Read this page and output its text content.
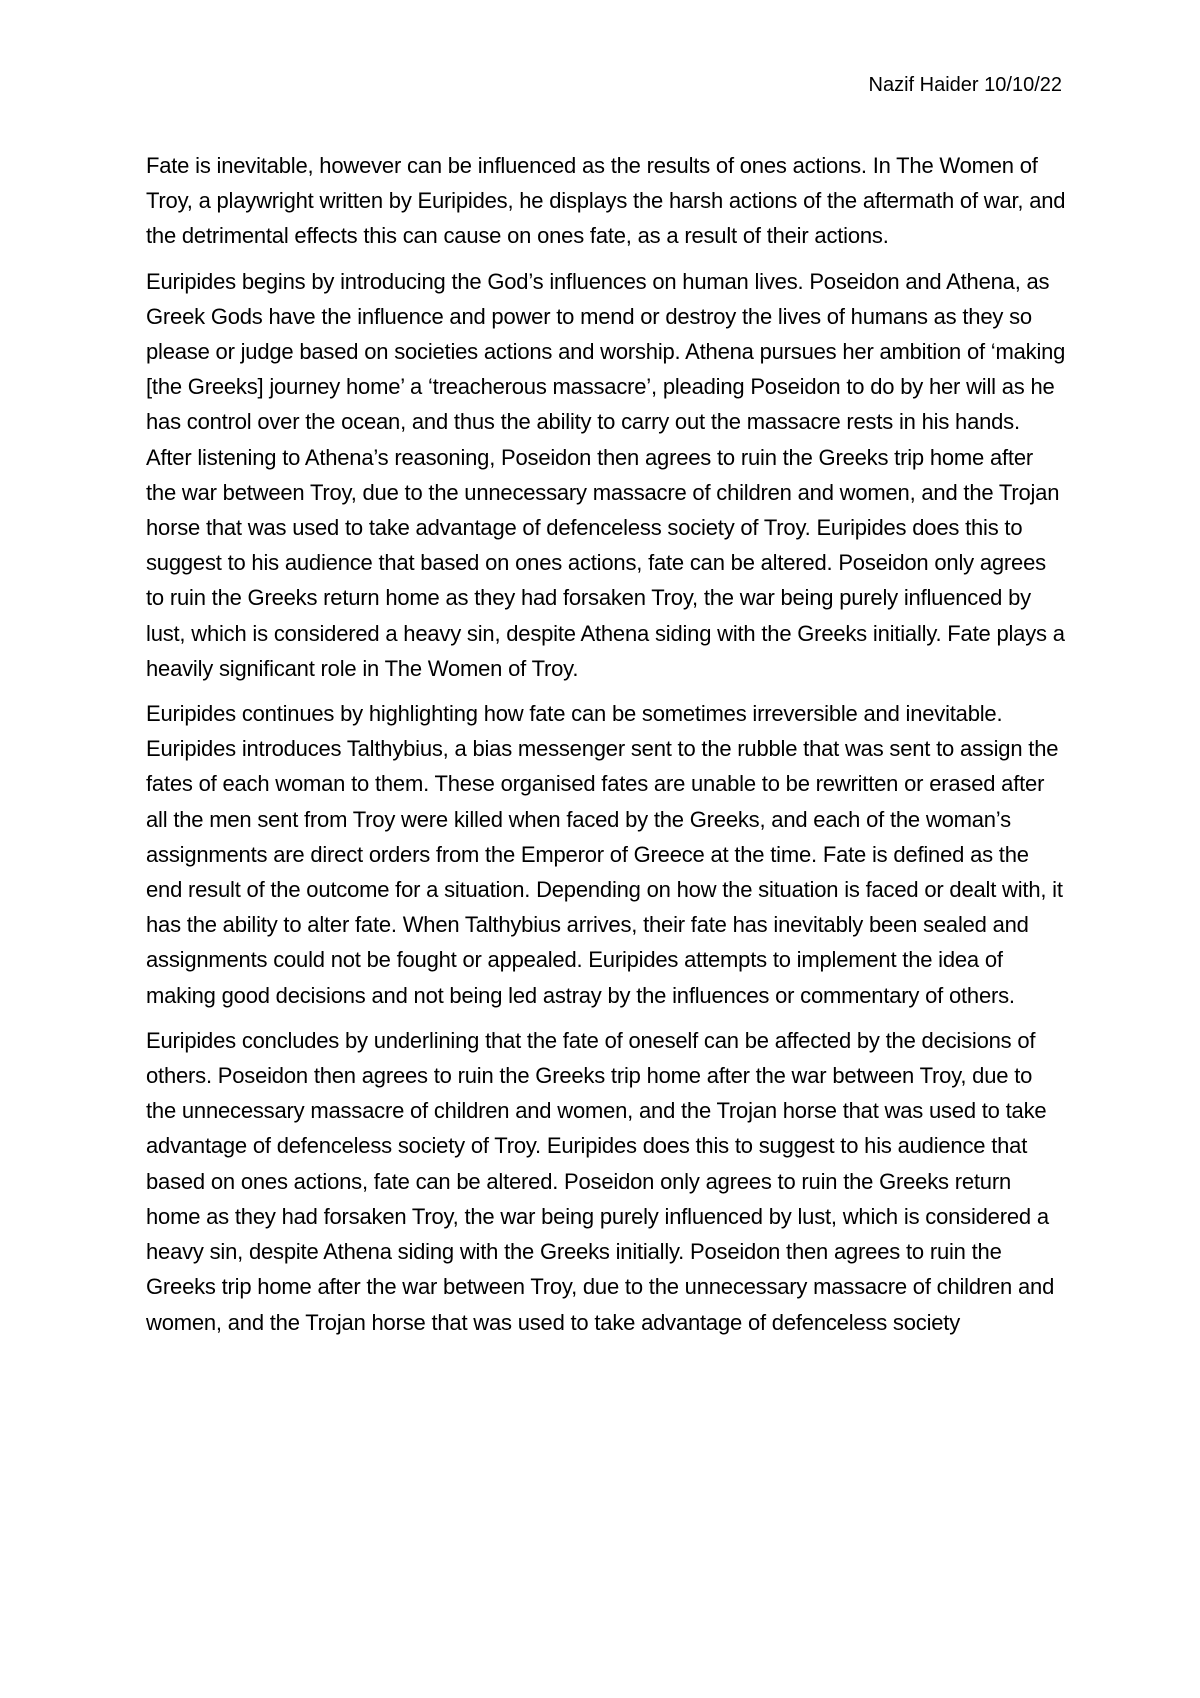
Nazif Haider 10/10/22

Fate is inevitable, however can be influenced as the results of ones actions. In The Women of Troy, a playwright written by Euripides, he displays the harsh actions of the aftermath of war, and the detrimental effects this can cause on ones fate, as a result of their actions.

Euripides begins by introducing the God’s influences on human lives. Poseidon and Athena, as Greek Gods have the influence and power to mend or destroy the lives of humans as they so please or judge based on societies actions and worship. Athena pursues her ambition of ‘making [the Greeks] journey home’ a ‘treacherous massacre’, pleading Poseidon to do by her will as he has control over the ocean, and thus the ability to carry out the massacre rests in his hands. After listening to Athena’s reasoning, Poseidon then agrees to ruin the Greeks trip home after the war between Troy, due to the unnecessary massacre of children and women, and the Trojan horse that was used to take advantage of defenceless society of Troy. Euripides does this to suggest to his audience that based on ones actions, fate can be altered. Poseidon only agrees to ruin the Greeks return home as they had forsaken Troy, the war being purely influenced by lust, which is considered a heavy sin, despite Athena siding with the Greeks initially. Fate plays a heavily significant role in The Women of Troy.

Euripides continues by highlighting how fate can be sometimes irreversible and inevitable. Euripides introduces Talthybius, a bias messenger sent to the rubble that was sent to assign the fates of each woman to them. These organised fates are unable to be rewritten or erased after all the men sent from Troy were killed when faced by the Greeks, and each of the woman’s assignments are direct orders from the Emperor of Greece at the time. Fate is defined as the end result of the outcome for a situation. Depending on how the situation is faced or dealt with, it has the ability to alter fate. When Talthybius arrives, their fate has inevitably been sealed and assignments could not be fought or appealed. Euripides attempts to implement the idea of making good decisions and not being led astray by the influences or commentary of others.

Euripides concludes by underlining that the fate of oneself can be affected by the decisions of others. Poseidon then agrees to ruin the Greeks trip home after the war between Troy, due to the unnecessary massacre of children and women, and the Trojan horse that was used to take advantage of defenceless society of Troy. Euripides does this to suggest to his audience that based on ones actions, fate can be altered. Poseidon only agrees to ruin the Greeks return home as they had forsaken Troy, the war being purely influenced by lust, which is considered a heavy sin, despite Athena siding with the Greeks initially. Poseidon then agrees to ruin the Greeks trip home after the war between Troy, due to the unnecessary massacre of children and women, and the Trojan horse that was used to take advantage of defenceless society
